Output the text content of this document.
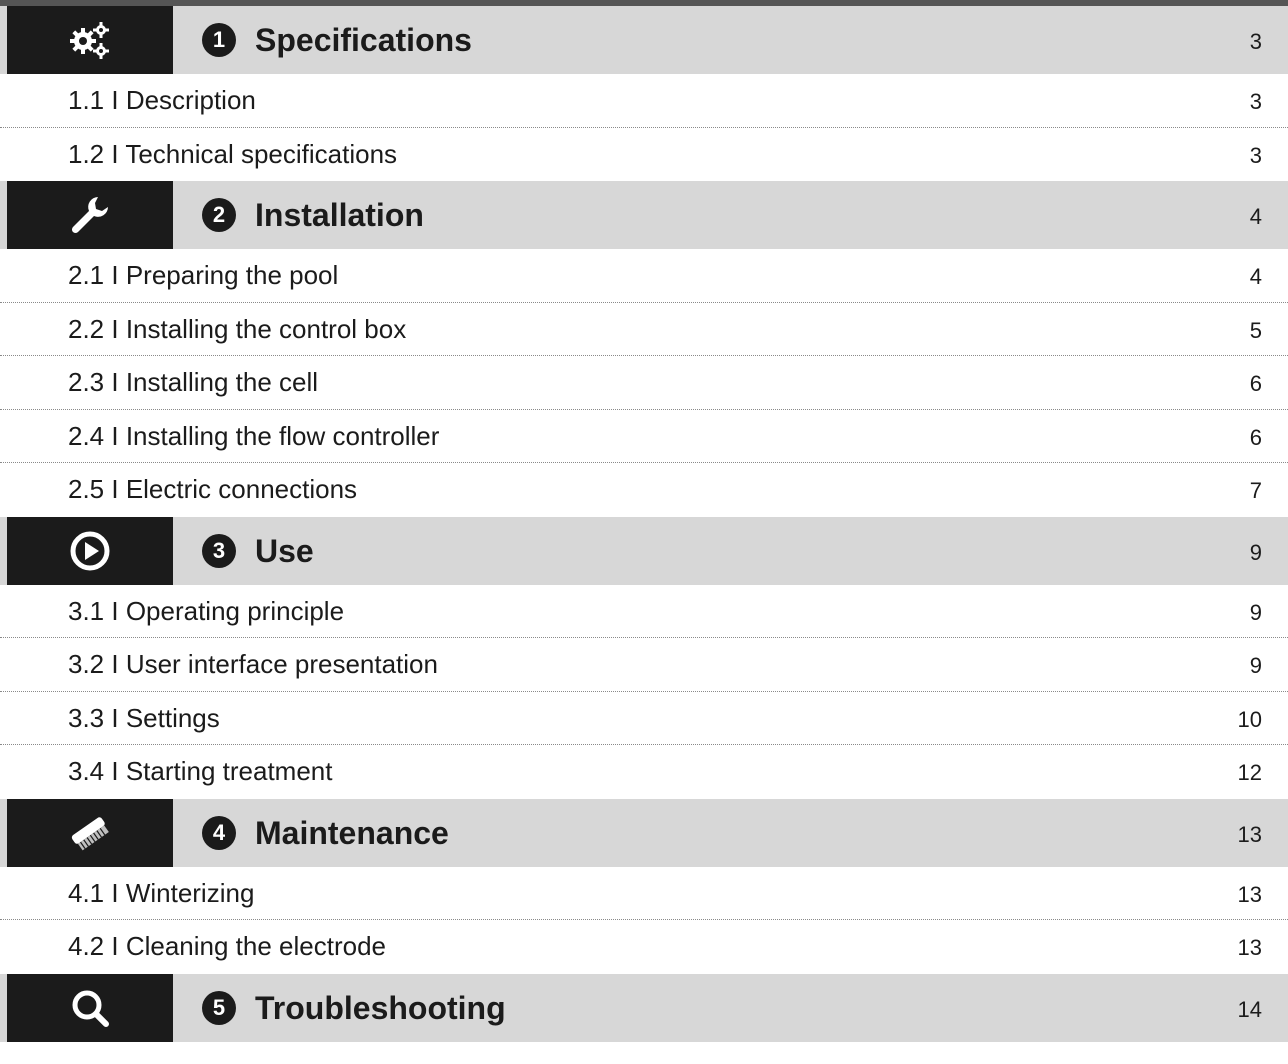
1 Specifications	3
1.1 I Description	3
1.2 I Technical specifications	3
2 Installation	4
2.1 I Preparing the pool	4
2.2 I Installing the control box	5
2.3 I Installing the cell	6
2.4 I Installing the flow controller	6
2.5 I Electric connections	7
3 Use	9
3.1 I Operating principle	9
3.2 I User interface presentation	9
3.3 I Settings	10
3.4 I Starting treatment	12
4 Maintenance	13
4.1 I Winterizing	13
4.2 I Cleaning the electrode	13
5 Troubleshooting	14
